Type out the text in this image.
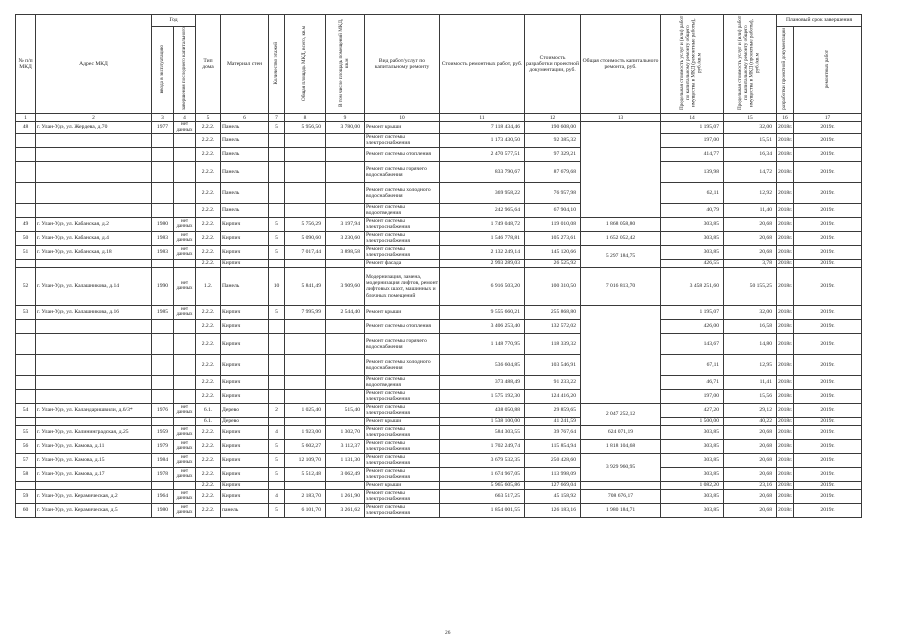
№ п/п МКД	Адрес МКД	Год		Тип дома	Материал стен	Количество этажей	Общая площадь МКД, всего, кв.м	В том числе площадь помещений МКД, кв.м	Вид работ/услуг по капитальному ремонту	Стоимость ремонтных работ, руб.	Стоимость разработки проектной документации, руб.	Общая стоимость капитального ремонта, руб.	Предельная стоимость услуг и (или) работ по капитальному ремонту общего имущества в МКД (ремонтные работы), руб./кв.м	Предельная стоимость услуг и (или) работ по капитальному ремонту общего имущества в МКД (проектные работы), руб./кв.м	Плановый срок завершения	
		ввода в эксплуатацию	завершения последнего капитального												разработки проектной документации	ремонтных работ
1	2	3	4	5	6	7	8	9	10	11	12	13	14	15	16	17
48	г. Улан-Удэ, ул. Жердева, д.70	1977	нет данных	2.2.2.	Панель	5	5 956,50	3 780,00	Ремонт крыши	7 118 434,46	190 608,00		1 195,07	32,00	2018г.	2019г.
				2.2.2.	Панель				Ремонт системы электроснабжения	1 173 430,50	92 385,32		197,00	15,51	2018г.	2019г.
				2.2.2.	Панель				Ремонт системы отопления	2 470 577,51	97 329,21		414,77	16,34	2018г.	2019г.
				2.2.2.	Панель				Ремонт системы горячего водоснабжения	833 790,67	87 679,68		139,98	14,72	2018г.	2019г.
				2.2.2.	Панель				Ремонт системы холодного водоснабжения	369 958,22	76 957,98		62,11	12,92	2018г.	2019г.
				2.2.2.	Панель				Ремонт системы водоотведения	242 965,64	67 904,10		40,79	11,40	2018г.	2019г.
49	г. Улан-Удэ, ул. Кабанская, д.2	1980	нет данных	2.2.2.	Кирпич	5	5 756,29	3 197,94	Ремонт системы электроснабжения	1 749 048,72	119 010,08	1 868 058,80	303,85	20,68	2018г.	2019г.
50	г. Улан-Удэ, ул. Кабанская, д.4	1983	нет данных	2.2.2.	Кирпич	5	5 090,60	3 230,60	Ремонт системы электроснабжения	1 546 778,81	105 273,61	1 652 052,42	303,85	20,68	2018г.	2019г.
51	г. Улан-Удэ, ул. Кабанская, д.18	1983	нет данных	2.2.2.	Кирпич	5	7 017,44	3 898,58	Ремонт системы электроснабжения	2 132 249,14	145 120,66	5 297 184,75	303,85	20,68	2018г.	2019г.
				2.2.2.	Кирпич				Ремонт фасада	2 993 289,03	26 525,92		426,55	3,78	2018г.	2019г.
52	г. Улан-Удэ, ул. Калашникова, д.14	1990	нет данных	1.2.	Панель	10	5 841,49	3 909,60	Модернизация, замена, модернизация лифтов, ремонт лифтовых шахт, машинных и блочных помещений	6 916 503,20	100 310,50	7 016 813,70	3 458 251,60	50 155,25	2018г.	2019г.
53	г. Улан-Удэ, ул. Калашникова, д.16	1985	нет данных	2.2.2.	Кирпич	5	7 995,99	2 544,40	Ремонт крыши	9 555 660,21	255 868,80		1 195,07	32,00	2018г.	2019г.
				2.2.2.	Кирпич				Ремонт системы отопления	3 406 253,40	132 572,02		426,00	16,58	2018г.	2019г.
				2.2.2.	Кирпич				Ремонт системы горячего водоснабжения	1 148 770,95	118 339,32		143,67	14,80	2018г.	2019г.
				2.2.2.	Кирпич				Ремонт системы холодного водоснабжения	536 604,85	103 546,91		67,11	12,95	2018г.	2019г.
				2.2.2.	Кирпич				Ремонт системы водоотведения	373 488,49	91 233,22		46,71	11,41	2018г.	2019г.
				2.2.2.	Кирпич				Ремонт системы электроснабжения	1 575 192,30	124 416,20		197,00	15,56	2018г.	2019г.
54	г. Улан-Удэ, ул. Каландаришвили, д.6/3*	1976	нет данных	6.1.	Дерево	2	1 025,40	515,40	Ремонт системы электроснабжения	438 050,88	29 859,65	2 047 252,12	427,20	29,12	2018г.	2019г.
				6.1.	Дерево				Ремонт крыши	1 538 100,00	41 241,59		1 500,00	40,22	2018г.	2019г.
55	г. Улан-Удэ, ул. Калининградская, д.25	1959	нет данных	2.2.2.	Кирпич	4	1 923,00	1 302,70	Ремонт системы электроснабжения	584 303,55	39 767,64	624 071,19	303,85	20,68	2018г.	2019г.
56	г. Улан-Удэ, ул. Камова, д.11	1979	нет данных	2.2.2.	Кирпич	5	5 602,27	3 112,37	Ремонт системы электроснабжения	1 702 249,74	115 854,94	1 818 104,68	303,85	20,68	2018г.	2019г.
57	г. Улан-Удэ, ул. Камова, д.15	1984	нет данных	2.2.2.	Кирпич	5	12 109,70	1 131,30	Ремонт системы электроснабжения	3 679 532,35	250 428,60	3 929 960,95	303,85	20,68	2018г.	2019г.
58	г. Улан-Удэ, ул. Камова, д.17	1978	нет данных	2.2.2.	Кирпич	5	5 512,48	3 062,49	Ремонт системы электроснабжения	1 674 967,05	113 998,09		303,85	20,68	2018г.	2019г.
				2.2.2.	Кирпич				Ремонт крыши	5 965 605,86	127 669,04		1 082,20	23,16	2018г.	2019г.
59	г. Улан-Удэ, ул. Керамическая, д.2	1964	нет данных	2.2.2.	Кирпич	4	2 183,70	1 261,90	Ремонт системы электроснабжения	663 517,25	45 158,92	708 676,17	303,85	20,68	2018г.	2019г.
60	г. Улан-Удэ, ул. Керамическая, д.5	1980	нет данных	2.2.2.	панель	5	6 101,70	3 261,62	Ремонт системы электроснабжения	1 854 001,55	126 183,16	1 980 184,71	303,85	20,68	2018г.	2019г.
26
